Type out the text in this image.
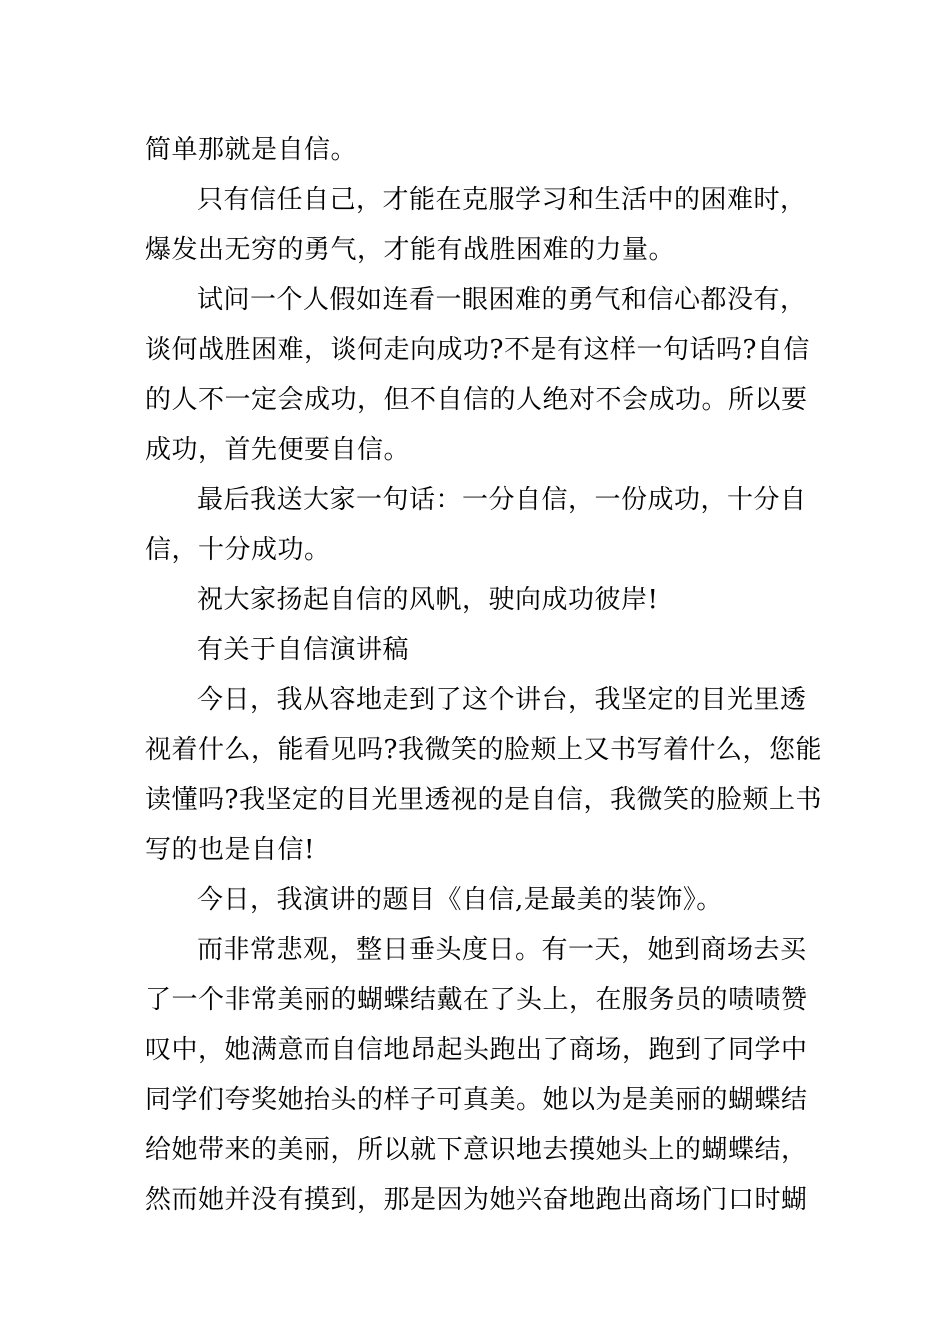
简单那就是自信。
只有信任自己，才能在克服学习和生活中的困难时，
爆发出无穷的勇气，才能有战胜困难的力量。
试问一个人假如连看一眼困难的勇气和信心都没有，
谈何战胜困难，谈何走向成功?不是有这样一句话吗?自信
的人不一定会成功，但不自信的人绝对不会成功。所以要
成功，首先便要自信。
最后我送大家一句话：一分自信，一份成功，十分自
信，十分成功。
祝大家扬起自信的风帆，驶向成功彼岸!
有关于自信演讲稿
今日，我从容地走到了这个讲台，我坚定的目光里透
视着什么，能看见吗?我微笑的脸颊上又书写着什么，您能
读懂吗?我坚定的目光里透视的是自信，我微笑的脸颊上书
写的也是自信!
今日，我演讲的题目《自信,是最美的装饰》。
而非常悲观，整日垂头度日。有一天，她到商场去买
了一个非常美丽的蝴蝶结戴在了头上，在服务员的啧啧赞
叹中，她满意而自信地昂起头跑出了商场，跑到了同学中
同学们夸奖她抬头的样子可真美。她以为是美丽的蝴蝶结
给她带来的美丽，所以就下意识地去摸她头上的蝴蝶结，
然而她并没有摸到，那是因为她兴奋地跑出商场门口时蝴
